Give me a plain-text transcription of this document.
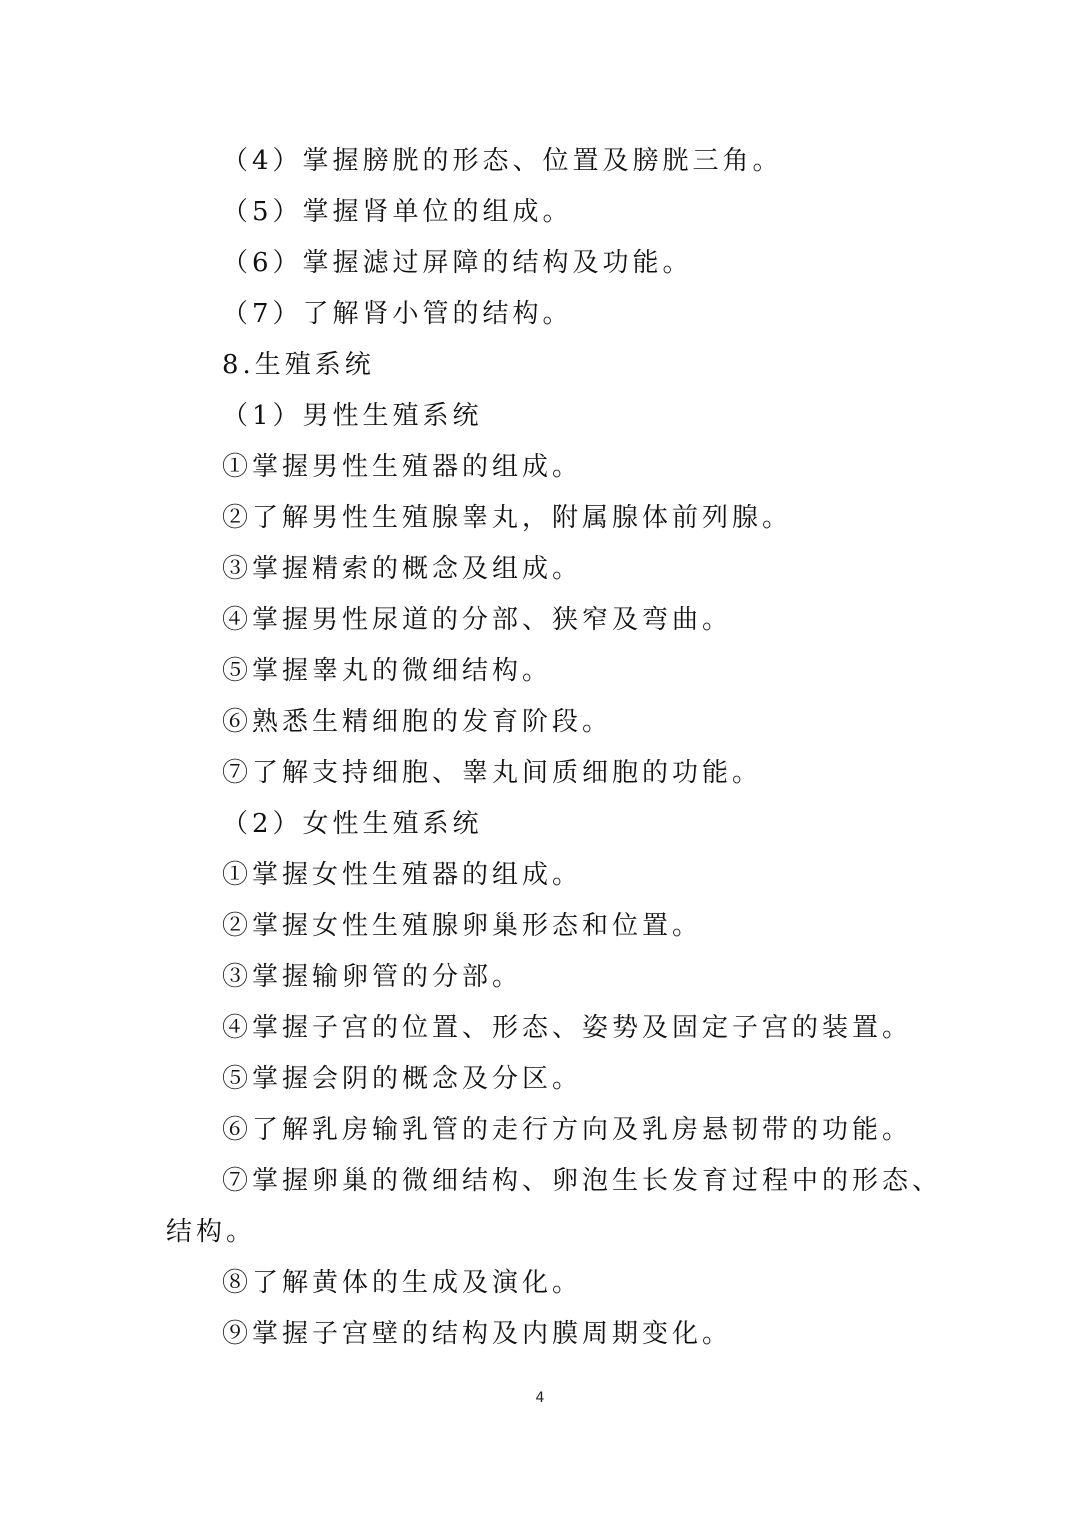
（4）掌握膀胱的形态、位置及膀胱三角。
（5）掌握肾单位的组成。
（6）掌握滤过屏障的结构及功能。
（7）了解肾小管的结构。
8.生殖系统
（1）男性生殖系统
①掌握男性生殖器的组成。
②了解男性生殖腺睾丸，附属腺体前列腺。
③掌握精索的概念及组成。
④掌握男性尿道的分部、狭窄及弯曲。
⑤掌握睾丸的微细结构。
⑥熟悉生精细胞的发育阶段。
⑦了解支持细胞、睾丸间质细胞的功能。
（2）女性生殖系统
①掌握女性生殖器的组成。
②掌握女性生殖腺卵巢形态和位置。
③掌握输卵管的分部。
④掌握子宫的位置、形态、姿势及固定子宫的装置。
⑤掌握会阴的概念及分区。
⑥了解乳房输乳管的走行方向及乳房悬韧带的功能。
⑦掌握卵巢的微细结构、卵泡生长发育过程中的形态、
结构。
⑧了解黄体的生成及演化。
⑨掌握子宫壁的结构及内膜周期变化。
4
